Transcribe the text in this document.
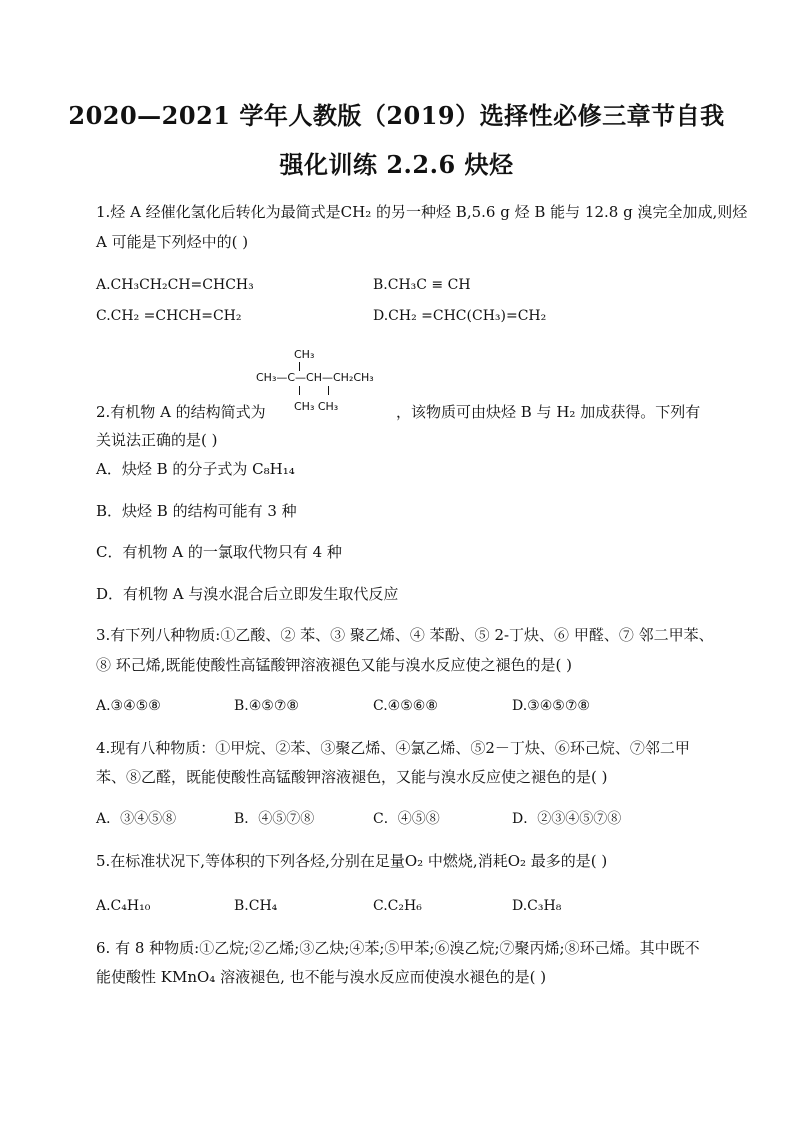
2020—2021 学年人教版（2019）选择性必修三章节自我
强化训练 2.2.6 炔烃
1.烃 A 经催化氢化后转化为最简式是CH₂ 的另一种烃 B,5.6 g 烃 B 能与 12.8 g 溴完全加成,则烃
A 可能是下列烃中的( )
A.CH₃CH₂CH=CHCH₃	B.CH₃C ≡ CH
C.CH₂ =CHCH=CH₂	D.CH₂ =CHC(CH₃)=CH₂
CH₃
CH₃—C—CH—CH₂CH₃
CH₃ CH₃
2.有机物 A 的结构简式为	，该物质可由炔烃 B 与 H₂ 加成获得。下列有
关说法正确的是( )
A．炔烃 B 的分子式为 C₈H₁₄
B．炔烃 B 的结构可能有 3 种
C．有机物 A 的一氯取代物只有 4 种
D．有机物 A 与溴水混合后立即发生取代反应
3.有下列八种物质:①乙酸、② 苯、③ 聚乙烯、④ 苯酚、⑤ 2-丁炔、⑥ 甲醛、⑦ 邻二甲苯、
⑧ 环己烯,既能使酸性高锰酸钾溶液褪色又能与溴水反应使之褪色的是( )
A.③④⑤⑧	B.④⑤⑦⑧	C.④⑤⑥⑧	D.③④⑤⑦⑧
4.现有八种物质：①甲烷、②苯、③聚乙烯、④氯乙烯、⑤2－丁炔、⑥环己烷、⑦邻二甲
苯、⑧乙醛，既能使酸性高锰酸钾溶液褪色，又能与溴水反应使之褪色的是( )
A．③④⑤⑧	B．④⑤⑦⑧	C．④⑤⑧	D．②③④⑤⑦⑧
5.在标准状况下,等体积的下列各烃,分别在足量O₂ 中燃烧,消耗O₂ 最多的是( )
A.C₄H₁₀	B.CH₄	C.C₂H₆	D.C₃H₈
6. 有 8 种物质:①乙烷;②乙烯;③乙炔;④苯;⑤甲苯;⑥溴乙烷;⑦聚丙烯;⑧环己烯。其中既不
能使酸性 KMnO₄ 溶液褪色, 也不能与溴水反应而使溴水褪色的是( )
